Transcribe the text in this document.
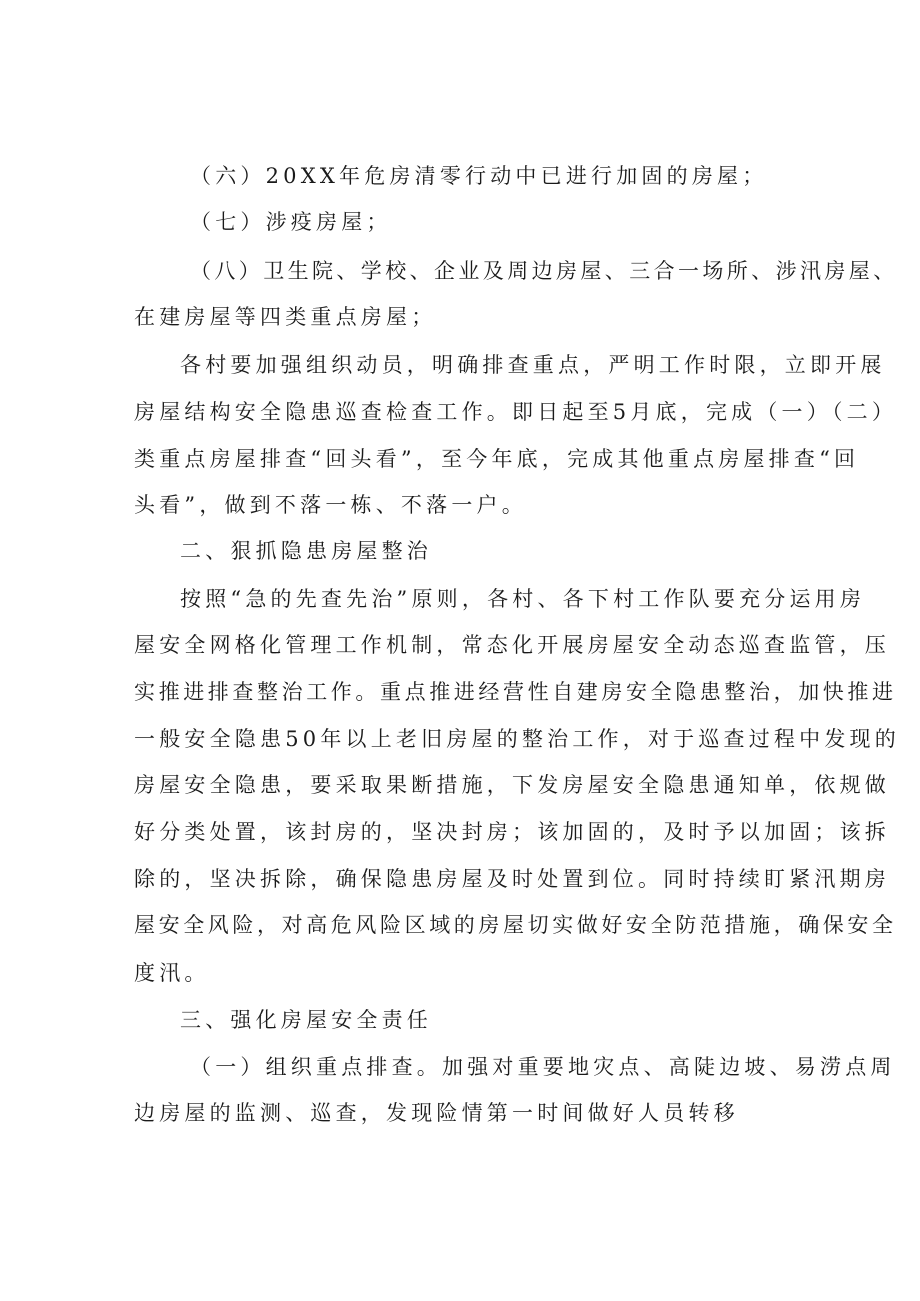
（六）20XX年危房清零行动中已进行加固的房屋；
（七）涉疫房屋；
（八）卫生院、学校、企业及周边房屋、三合一场所、涉汛房屋、
在建房屋等四类重点房屋；
各村要加强组织动员，明确排查重点，严明工作时限，立即开展
房屋结构安全隐患巡查检查工作。即日起至5月底，完成（一）（二）
类重点房屋排查“回头看”，至今年底，完成其他重点房屋排查“回
头看”，做到不落一栋、不落一户。
二、狠抓隐患房屋整治
按照“急的先查先治”原则，各村、各下村工作队要充分运用房
屋安全网格化管理工作机制，常态化开展房屋安全动态巡查监管，压
实推进排查整治工作。重点推进经营性自建房安全隐患整治，加快推进
一般安全隐患50年以上老旧房屋的整治工作，对于巡查过程中发现的
房屋安全隐患，要采取果断措施，下发房屋安全隐患通知单，依规做
好分类处置，该封房的，坚决封房；该加固的，及时予以加固；该拆
除的，坚决拆除，确保隐患房屋及时处置到位。同时持续盯紧汛期房
屋安全风险，对高危风险区域的房屋切实做好安全防范措施，确保安全
度汛。
三、强化房屋安全责任
（一）组织重点排查。加强对重要地灾点、高陡边坡、易涝点周
边房屋的监测、巡查，发现险情第一时间做好人员转移
